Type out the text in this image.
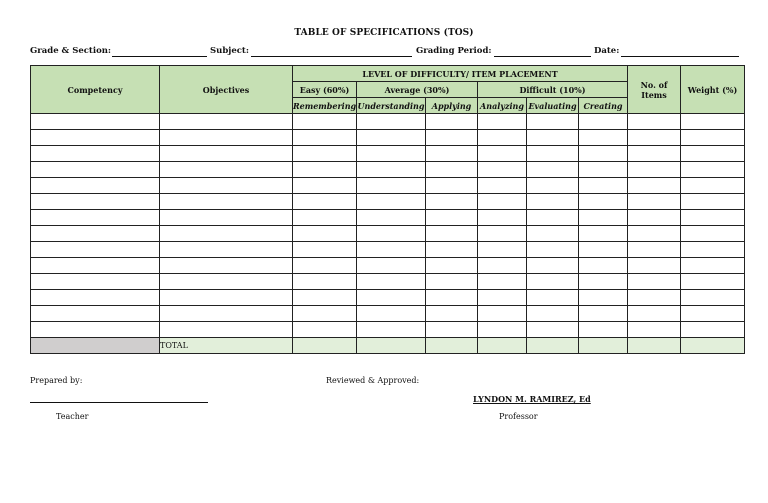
TABLE OF SPECIFICATIONS (TOS)
Grade & Section:	Subject:	Grading Period:	Date:
Competency	Objectives	LEVEL OF DIFFICULTY/ ITEM PLACEMENT						No. of Items	Weight (%)
		Easy (60%)	Average (30%)		Difficult (10%)				
		Remembering	Understanding	Applying	Analyzing	Evaluating	Creating		

	TOTAL								
Prepared by:
Teacher
Reviewed & Approved:
LYNDON M. RAMIREZ, Ed
Professor
